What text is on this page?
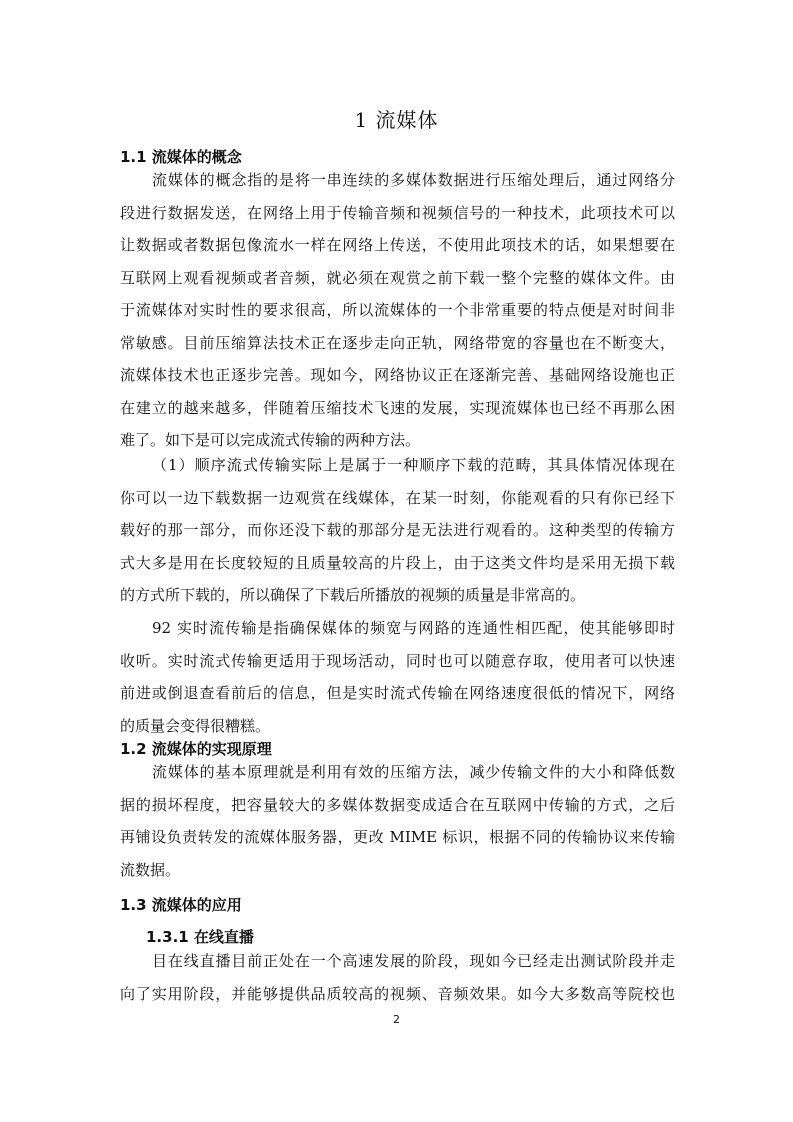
1 流媒体
1.1 流媒体的概念
流媒体的概念指的是将一串连续的多媒体数据进行压缩处理后，通过网络分
段进行数据发送，在网络上用于传输音频和视频信号的一种技术，此项技术可以
让数据或者数据包像流水一样在网络上传送，不使用此项技术的话，如果想要在
互联网上观看视频或者音频，就必须在观赏之前下载一整个完整的媒体文件。由
于流媒体对实时性的要求很高，所以流媒体的一个非常重要的特点便是对时间非
常敏感。目前压缩算法技术正在逐步走向正轨，网络带宽的容量也在不断变大，
流媒体技术也正逐步完善。现如今，网络协议正在逐渐完善、基础网络设施也正
在建立的越来越多，伴随着压缩技术飞速的发展，实现流媒体也已经不再那么困
难了。如下是可以完成流式传输的两种方法。
（1）顺序流式传输实际上是属于一种顺序下载的范畴，其具体情况体现在
你可以一边下载数据一边观赏在线媒体，在某一时刻，你能观看的只有你已经下
载好的那一部分，而你还没下载的那部分是无法进行观看的。这种类型的传输方
式大多是用在长度较短的且质量较高的片段上，由于这类文件均是采用无损下载
的方式所下载的，所以确保了下载后所播放的视频的质量是非常高的。
92 实时流传输是指确保媒体的频宽与网路的连通性相匹配，使其能够即时
收听。实时流式传输更适用于现场活动，同时也可以随意存取，使用者可以快速
前进或倒退查看前后的信息，但是实时流式传输在网络速度很低的情况下，网络
的质量会变得很糟糕。
1.2 流媒体的实现原理
流媒体的基本原理就是利用有效的压缩方法，减少传输文件的大小和降低数
据的损坏程度，把容量较大的多媒体数据变成适合在互联网中传输的方式，之后
再铺设负责转发的流媒体服务器，更改 MIME 标识，根据不同的传输协议来传输
流数据。
1.3 流媒体的应用
1.3.1 在线直播
目在线直播目前正处在一个高速发展的阶段，现如今已经走出测试阶段并走
向了实用阶段，并能够提供品质较高的视频、音频效果。如今大多数高等院校也
2
